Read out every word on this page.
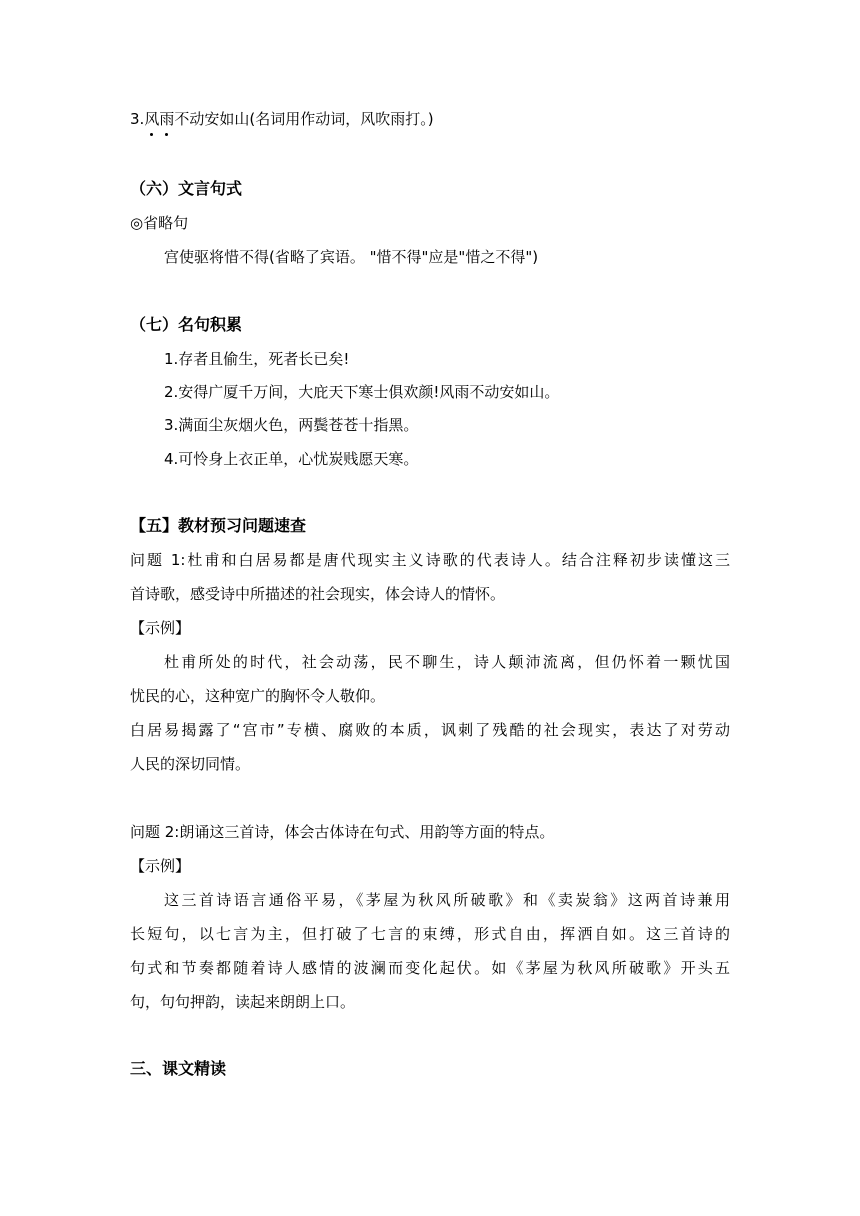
3.风雨不动安如山(名词用作动词，风吹雨打。)
（六）文言句式
◎省略句
宫使驱将惜不得(省略了宾语。 "惜不得"应是"惜之不得")
（七）名句积累
1.存者且偷生，死者长已矣!
2.安得广厦千万间，大庇天下寒士俱欢颜!风雨不动安如山。
3.满面尘灰烟火色，两鬓苍苍十指黑。
4.可怜身上衣正单，心忧炭贱愿天寒。
【五】教材预习问题速查
问题 1:杜甫和白居易都是唐代现实主义诗歌的代表诗人。结合注释初步读懂这三
首诗歌，感受诗中所描述的社会现实，体会诗人的情怀。
【示例】
杜甫所处的时代，社会动荡，民不聊生，诗人颠沛流离，但仍怀着一颗忧国
忧民的心，这种宽广的胸怀令人敬仰。
白居易揭露了“宫市”专横、腐败的本质，讽刺了残酷的社会现实，表达了对劳动
人民的深切同情。
问题 2:朗诵这三首诗，体会古体诗在句式、用韵等方面的特点。
【示例】
这三首诗语言通俗平易，《茅屋为秋风所破歌》和《卖炭翁》这两首诗兼用
长短句，以七言为主，但打破了七言的束缚，形式自由，挥洒自如。这三首诗的
句式和节奏都随着诗人感情的波澜而变化起伏。如《茅屋为秋风所破歌》开头五
句，句句押韵，读起来朗朗上口。
三、课文精读
